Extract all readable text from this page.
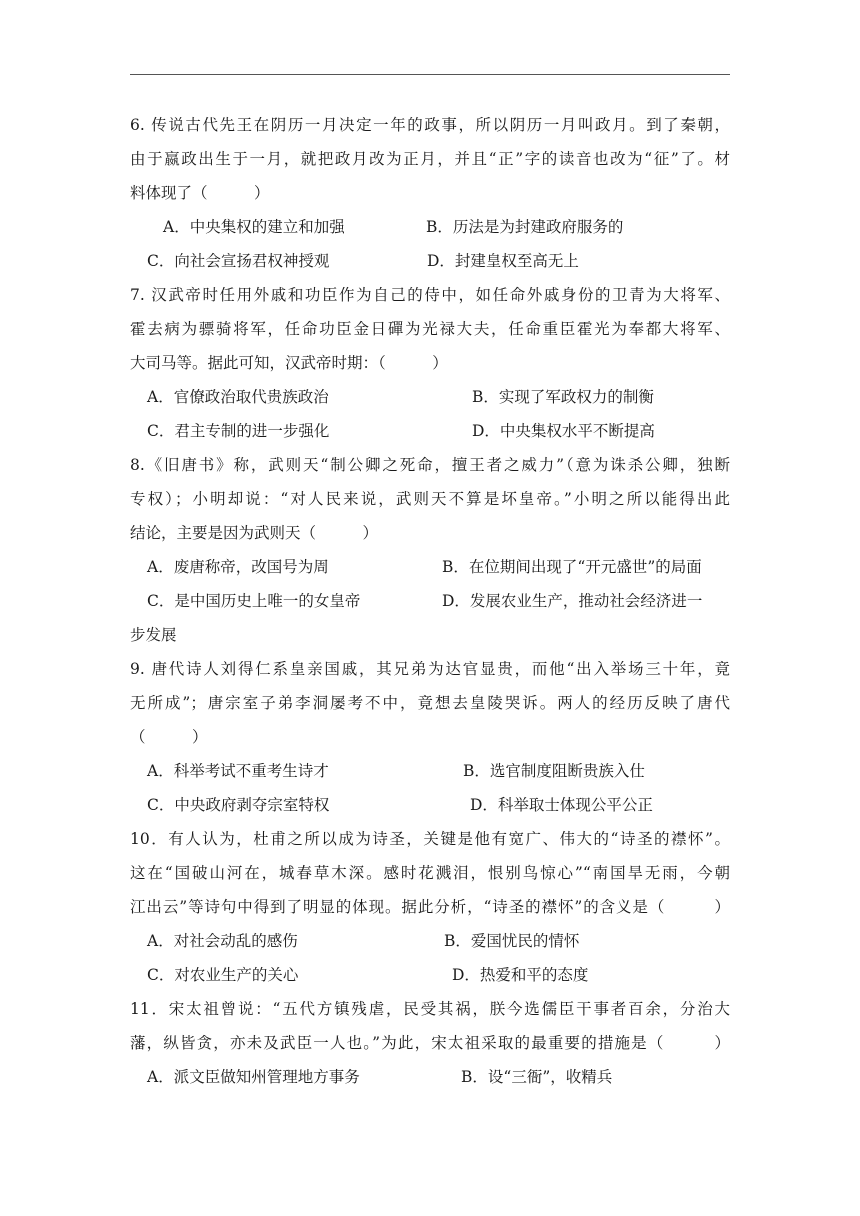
6. 传说古代先王在阴历一月决定一年的政事，所以阴历一月叫政月。到了秦朝，
由于嬴政出生于一月，就把政月改为正月，并且“正”字的读音也改为“征”了。材
料体现了（　　　）
A．中央集权的建立和加强	B．历法是为封建政府服务的
C．向社会宣扬君权神授观	D．封建皇权至高无上
7. 汉武帝时任用外戚和功臣作为自己的侍中，如任命外戚身份的卫青为大将军、
霍去病为骠骑将军，任命功臣金日磾为光禄大夫，任命重臣霍光为奉都大将军、
大司马等。据此可知，汉武帝时期：（　　　）
A．官僚政治取代贵族政治	B．实现了军政权力的制衡
C．君主专制的进一步强化	D．中央集权水平不断提高
8.《旧唐书》称，武则天“制公卿之死命，擅王者之威力”（意为诛杀公卿，独断
专权）；小明却说：“对人民来说，武则天不算是坏皇帝。”小明之所以能得出此
结论，主要是因为武则天（　　　）
A．废唐称帝，改国号为周	B．在位期间出现了“开元盛世”的局面
C．是中国历史上唯一的女皇帝	D．发展农业生产，推动社会经济进一
步发展
9. 唐代诗人刘得仁系皇亲国戚，其兄弟为达官显贵，而他“出入举场三十年，竟
无所成”；唐宗室子弟李洞屡考不中，竟想去皇陵哭诉。两人的经历反映了唐代
（　　　）
A．科举考试不重考生诗才	B．选官制度阻断贵族入仕
C．中央政府剥夺宗室特权	D．科举取士体现公平公正
10．有人认为，杜甫之所以成为诗圣，关键是他有宽广、伟大的“诗圣的襟怀”。
这在“国破山河在，城春草木深。感时花溅泪，恨别鸟惊心”“南国旱无雨，今朝
江出云”等诗句中得到了明显的体现。据此分析，“诗圣的襟怀”的含义是（　　　）
A．对社会动乱的感伤	B．爱国忧民的情怀
C．对农业生产的关心	D．热爱和平的态度
11．宋太祖曾说：“五代方镇残虐，民受其祸，朕今选儒臣干事者百余，分治大
藩，纵皆贪，亦未及武臣一人也。”为此，宋太祖采取的最重要的措施是（　　　）
A．派文臣做知州管理地方事务	B．设“三衙”，收精兵
